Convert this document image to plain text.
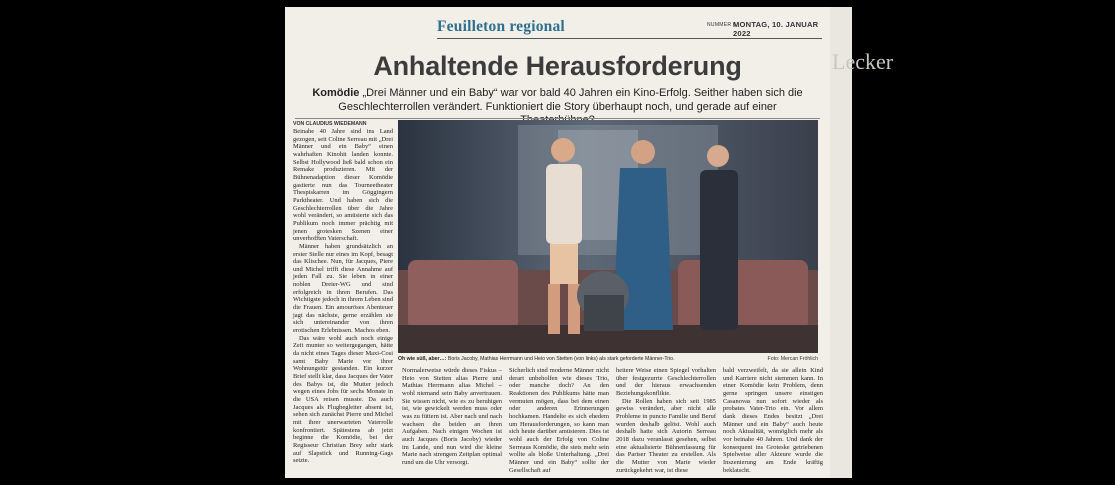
Feuilleton regional	NUMMER 6
MONTAG, 10. JANUAR 2022
Anhaltende Herausforderung
Komödie „Drei Männer und ein Baby“ war vor bald 40 Jahren ein Kino-Erfolg. Seither haben sich die Geschlechterrollen verändert. Funktioniert die Story überhaupt noch, und gerade auf einer
VON CLAUDIUS WIEDEMANN

Beinahe 40 Jahre sind ins Land gezogen, seit Coline Serreau mit „Drei Männer und ein Baby“ einen wahrhaften Kinohit landen konnte. Selbst Hollywood ließ bald schon ein Remake produzieren. Mit der Bühnenadaption dieser Komödie gastierte nun das Tourneetheater Thespiskarren im Göggingern Parktheater. Und haben sich die Geschlechterrollen über die Jahre wohl verändert, so amüsierte sich das Publikum noch immer prächtig mit jenen grotesken Szenen einer unverhofften Vaterschaft.

Männer haben grundsätzlich an erster Stelle nur eines im Kopf, besagt das Klischee. Nun, für Jacques, Piere und Michel trifft diese Annahme auf jeden Fall zu. Sie leben in einer noblen Dreier-WG und sind erfolgreich in ihren Berufen. Das Wichtigste jedoch in ihrem Leben sind die Frauen. Ein amouröses Abenteuer jagt das nächste, gerne erzählen sie sich untereinander von ihren erotischen Erlebnissen. Machos eben.

Das wäre wohl auch noch einige Zeit munter so weitergegangen, hätte da nicht eines Tages dieser Maxi-Cosi samt Baby Marie vor ihrer Wohnungstür gestanden. Ein kurzer Brief stellt klar, dass Jacques der Vater des Babys ist, die Mutter jedoch wegen eines Jobs für sechs Monate in die USA reisen musste. Da auch Jacques als Flugbegleiter absent ist, sehen sich zunächst Pierre und Michel mit ihrer unerwarteten Vaterrolle konfrontiert. Spätestens ab jetzt beginne die Komödie, bei der Regisseur Christian Brey sehr stark auf Slapstick und Running-Gags setzte.

Oh wie süß, aber…: Boris Jacoby, Mathias Herrmann und Heio von Stetten (von links) als stark geforderte Männer-Trio.	Foto: Mercan Fröhlich

Normalerweise würde dieses Fiskus – Heio von Stetten alias Pierre und Mathias Herrmann alias Michel – wohl niemand sein Baby anvertrauen. Sie wissen nicht, wie es zu beruhigen ist, wie gewickelt werden muss oder was zu füttern ist. Aber nach und nach wachsen die beiden an ihren Aufgaben. Nach einigen Wochen ist auch Jacques (Boris Jacoby) wieder im Lande, und nun wird die kleine Marie nach strengem Zeitplan optimal rund um die Uhr versorgt.

Sicherlich sind moderne Männer nicht derart unbeholfen wie dieses Trio, oder manche doch? An den Reaktionen des Publikums hätte man vermuten mögen, dass bei dem einen oder anderen Erinnerungen hochkamen. Handelte es sich ehedem um Herausforderungen, so kann man sich heute darüber amüsieren. Dies ist wohl auch der Erfolg von Coline Serreaus Komödie, die stets mehr sein wollte als bloße Unterhaltung. „Drei Männer und ein Baby“ sollte der Gesellschaft auf

heitere Weise einen Spiegel vorhalten über festgezurrte Geschlechterrollen und der hieraus erwachsenden Beziehungskonflikte.

Die Rollen haben sich seit 1985 gewiss verändert, aber nicht alle Probleme in puncto Familie und Beruf wurden deshalb gelöst. Wohl auch deshalb hatte sich Autorin Serreau 2018 dazu veranlasst gesehen, selbst eine aktualisierte Bühnenfassung für das Pariser Theater zu erstellen. Als die Mutter von Marie wieder zurückgekehrt war, ist diese

bald verzweifelt, da sie allein Kind und Karriere nicht stemmen kann. In einer Komödie kein Problem, denn gerne springen unsere einstigen Casanovas nun sofort wieder als probates Vater-Trio ein. Vor allem dank dieses Endes besitzt „Drei Männer und ein Baby“ auch heute noch Aktualität, womöglich mehr als vor beinahe 40 Jahren. Und dank der konsequent ins Groteske getriebenen Spielweise aller Akteure wurde die Inszenierung am Ende kräftig beklatscht.

Lecker
